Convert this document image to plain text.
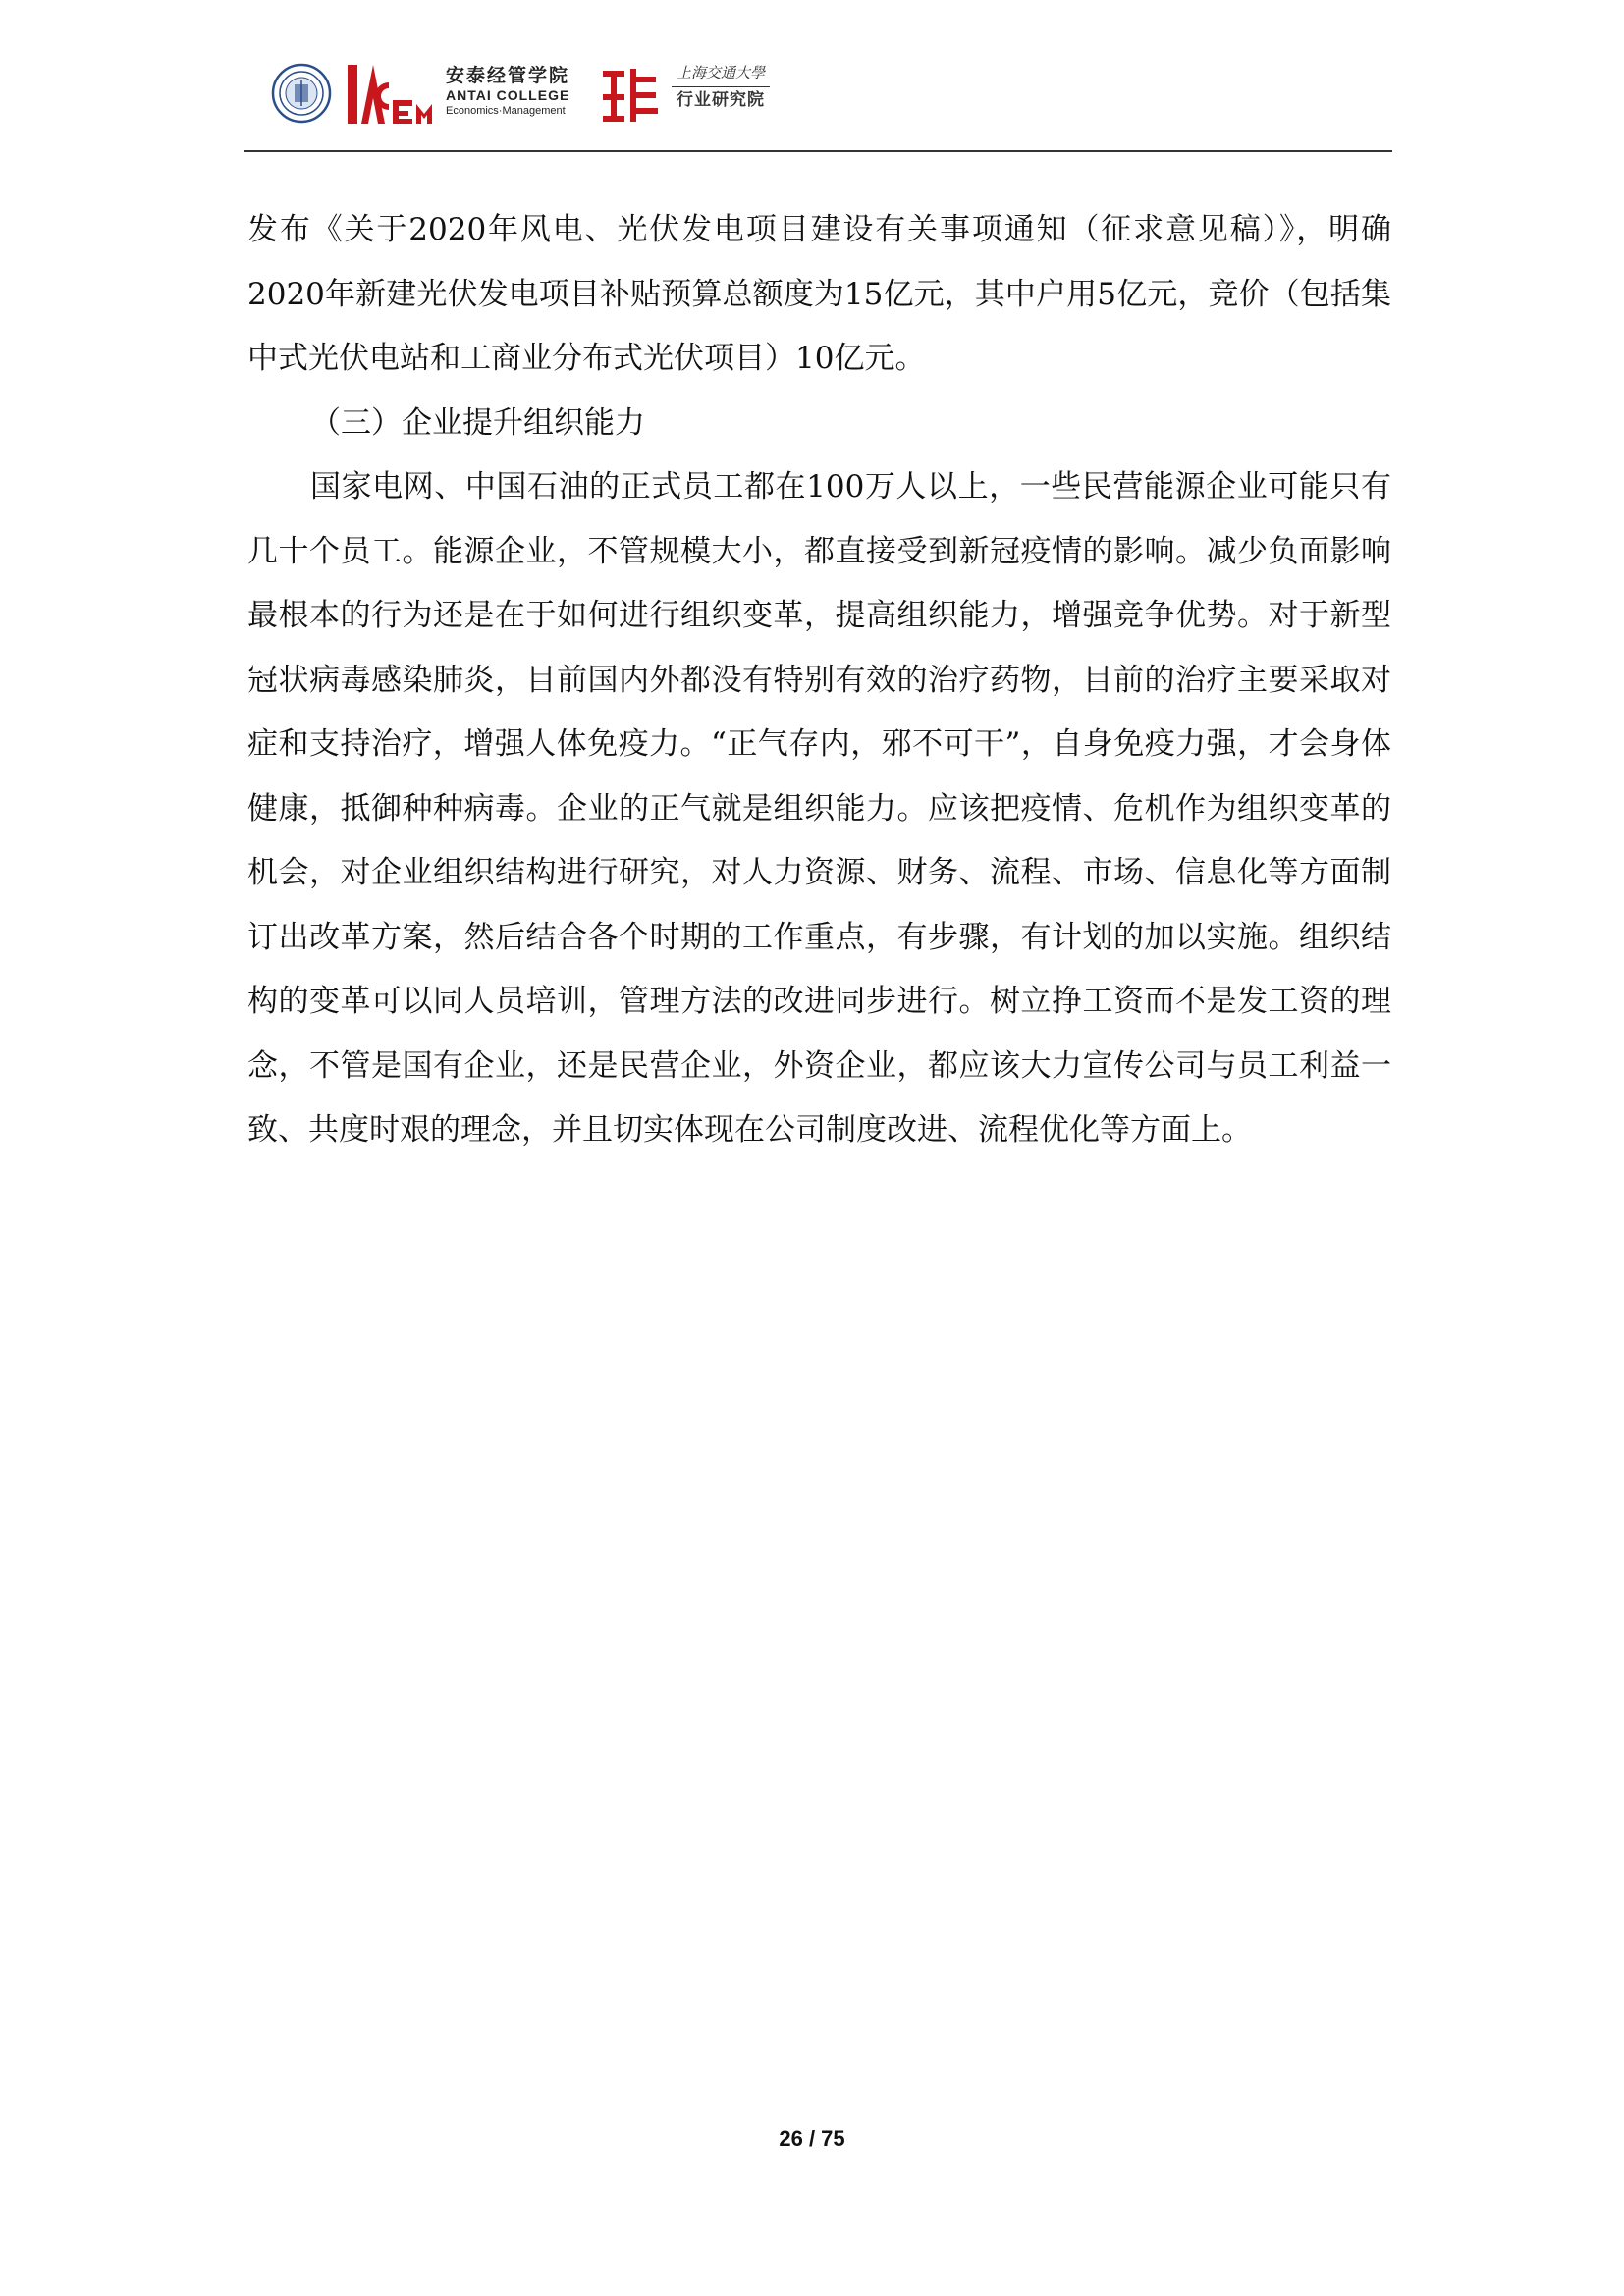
安泰经管学院
ANTAI COLLEGE
Economics·Management
上海交通大學
行业研究院

发布《关于2020年风电、光伏发电项目建设有关事项通知（征求意见稿）》，明确2020年新建光伏发电项目补贴预算总额度为15亿元，其中户用5亿元，竞价（包括集中式光伏电站和工商业分布式光伏项目）10亿元。

（三）企业提升组织能力

国家电网、中国石油的正式员工都在100万人以上，一些民营能源企业可能只有几十个员工。能源企业，不管规模大小，都直接受到新冠疫情的影响。减少负面影响最根本的行为还是在于如何进行组织变革，提高组织能力，增强竞争优势。对于新型冠状病毒感染肺炎，目前国内外都没有特别有效的治疗药物，目前的治疗主要采取对症和支持治疗，增强人体免疫力。“正气存内，邪不可干”，自身免疫力强，才会身体健康，抵御种种病毒。企业的正气就是组织能力。应该把疫情、危机作为组织变革的机会，对企业组织结构进行研究，对人力资源、财务、流程、市场、信息化等方面制订出改革方案，然后结合各个时期的工作重点，有步骤，有计划的加以实施。组织结构的变革可以同人员培训，管理方法的改进同步进行。树立挣工资而不是发工资的理念，不管是国有企业，还是民营企业，外资企业，都应该大力宣传公司与员工利益一致、共度时艰的理念，并且切实体现在公司制度改进、流程优化等方面上。

26 / 75
